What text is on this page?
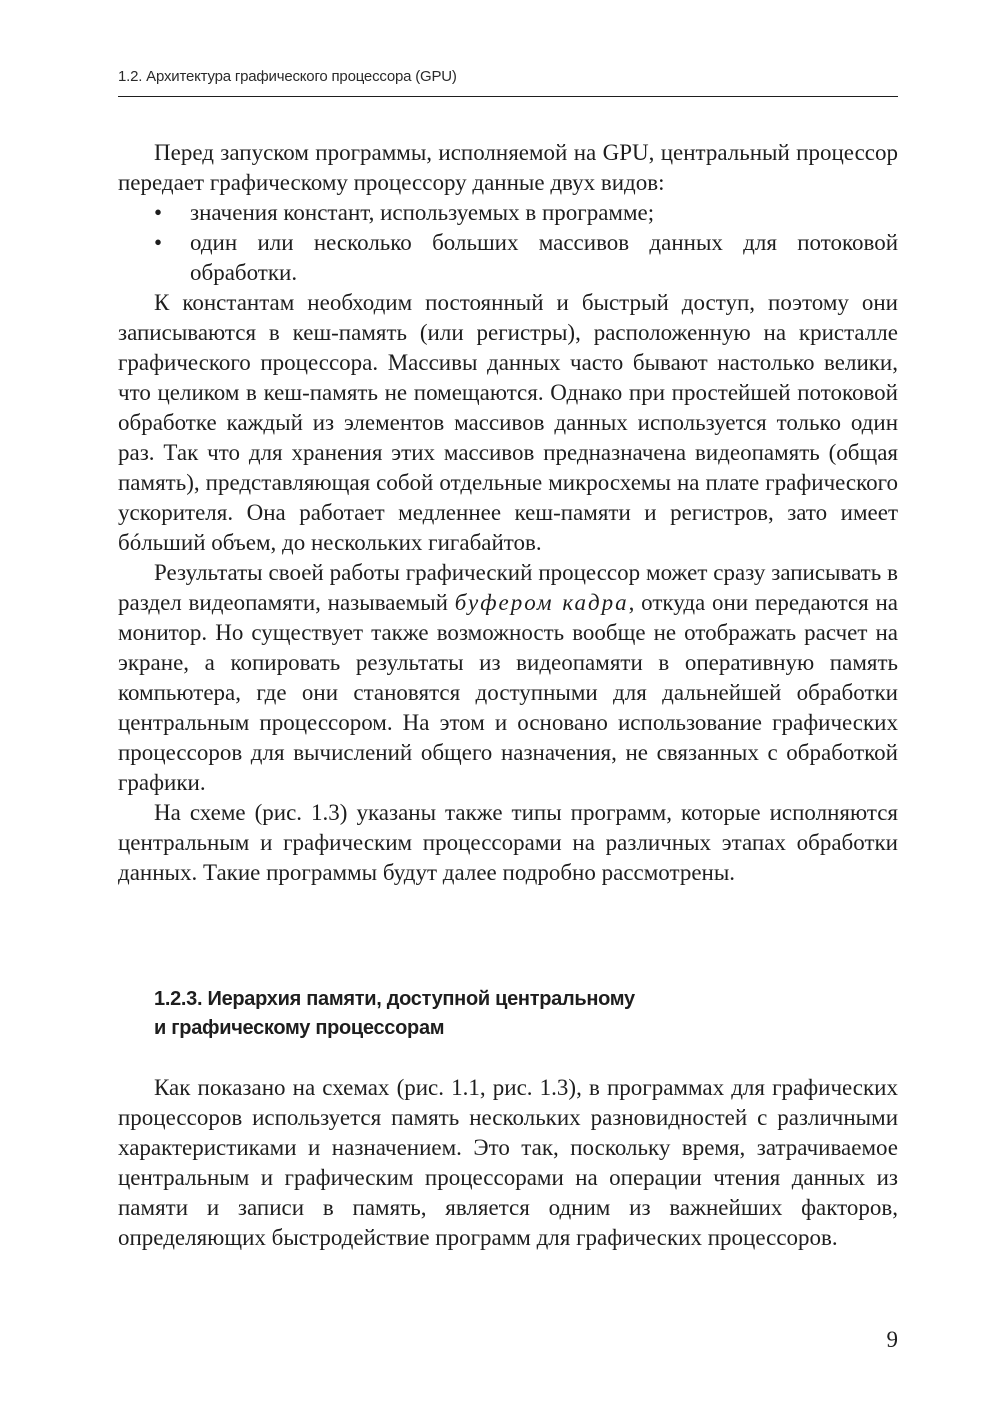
1.2. Архитектура графического процессора (GPU)

Перед запуском программы, исполняемой на GPU, центральный процессор передает графическому процессору данные двух видов:

• значения констант, используемых в программе;
• один или несколько больших массивов данных для потоковой обработки.

К константам необходим постоянный и быстрый доступ, поэтому они записываются в кеш-память (или регистры), расположенную на кристалле графического процессора. Массивы данных часто бывают настолько велики, что целиком в кеш-память не помещаются. Однако при простейшей потоковой обработке каждый из элементов массивов данных используется только один раз. Так что для хранения этих массивов предназначена видеопамять (общая память), представляющая собой отдельные микросхемы на плате графического ускорителя. Она работает медленнее кеш-памяти и регистров, зато имеет бóльший объем, до нескольких гигабайтов.

Результаты своей работы графический процессор может сразу записывать в раздел видеопамяти, называемый буфером кадра, откуда они передаются на монитор. Но существует также возможность вообще не отображать расчет на экране, а копировать результаты из видеопамяти в оперативную память компьютера, где они становятся доступными для дальнейшей обработки центральным процессором. На этом и основано использование графических процессоров для вычислений общего назначения, не связанных с обработкой графики.

На схеме (рис. 1.3) указаны также типы программ, которые исполняются центральным и графическим процессорами на различных этапах обработки данных. Такие программы будут далее подробно рассмотрены.

1.2.3. Иерархия памяти, доступной центральному
и графическому процессорам

Как показано на схемах (рис. 1.1, рис. 1.3), в программах для графических процессоров используется память нескольких разновидностей с различными характеристиками и назначением. Это так, поскольку время, затрачиваемое центральным и графическим процессорами на операции чтения данных из памяти и записи в память, является одним из важнейших факторов, определяющих быстродействие программ для графических процессоров.

9
